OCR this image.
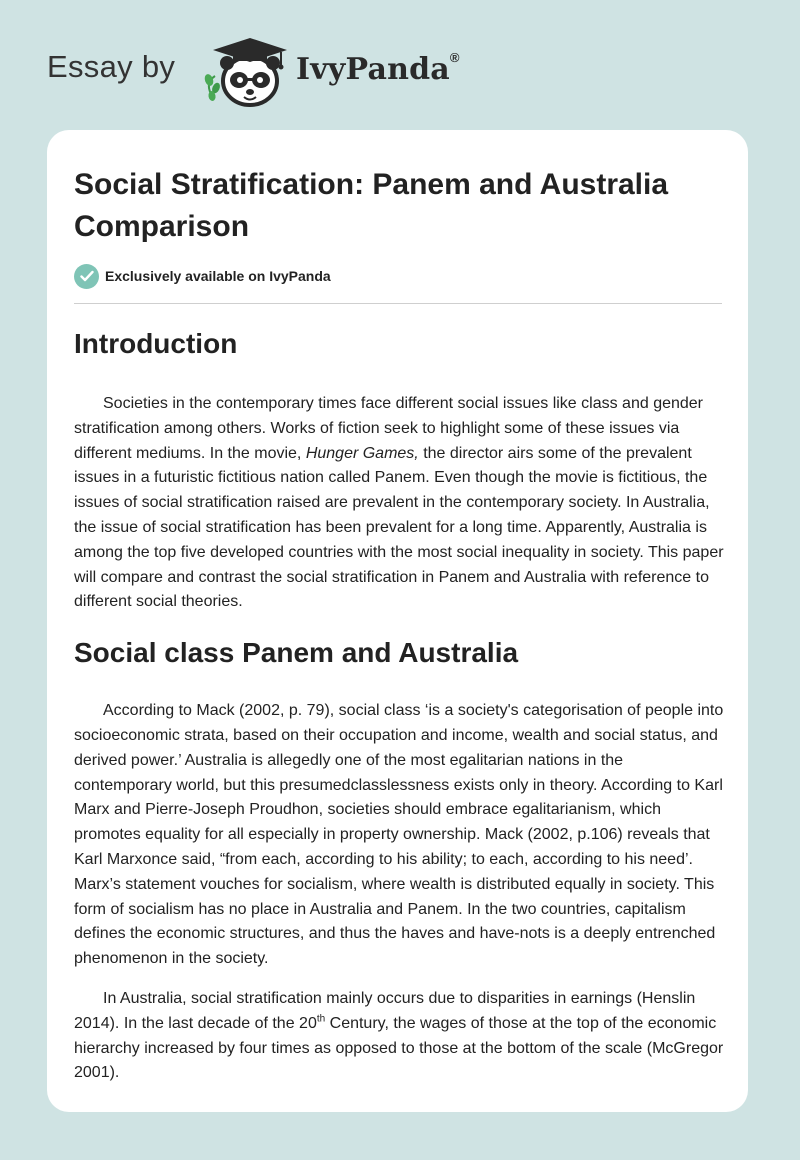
Essay by	IvyPanda®
Social Stratification: Panem and Australia Comparison
Exclusively available on IvyPanda
Introduction

Societies in the contemporary times face different social issues like class and gender stratification among others. Works of fiction seek to highlight some of these issues via different mediums. In the movie, Hunger Games, the director airs some of the prevalent issues in a futuristic fictitious nation called Panem. Even though the movie is fictitious, the issues of social stratification raised are prevalent in the contemporary society. In Australia, the issue of social stratification has been prevalent for a long time. Apparently, Australia is among the top five developed countries with the most social inequality in society. This paper will compare and contrast the social stratification in Panem and Australia with reference to different social theories.

Social class Panem and Australia

According to Mack (2002, p. 79), social class ‘is a society's categorisation of people into socioeconomic strata, based on their occupation and income, wealth and social status, and derived power.’ Australia is allegedly one of the most egalitarian nations in the contemporary world, but this presumedclasslessness exists only in theory. According to Karl Marx and Pierre-Joseph Proudhon, societies should embrace egalitarianism, which promotes equality for all especially in property ownership. Mack (2002, p.106) reveals that Karl Marxonce said, “from each, according to his ability; to each, according to his need’. Marx’s statement vouches for socialism, where wealth is distributed equally in society. This form of socialism has no place in Australia and Panem. In the two countries, capitalism defines the economic structures, and thus the haves and have-nots is a deeply entrenched phenomenon in the society.

In Australia, social stratification mainly occurs due to disparities in earnings (Henslin 2014). In the last decade of the 20th Century, the wages of those at the top of the economic hierarchy increased by four times as opposed to those at the bottom of the scale (McGregor 2001).
